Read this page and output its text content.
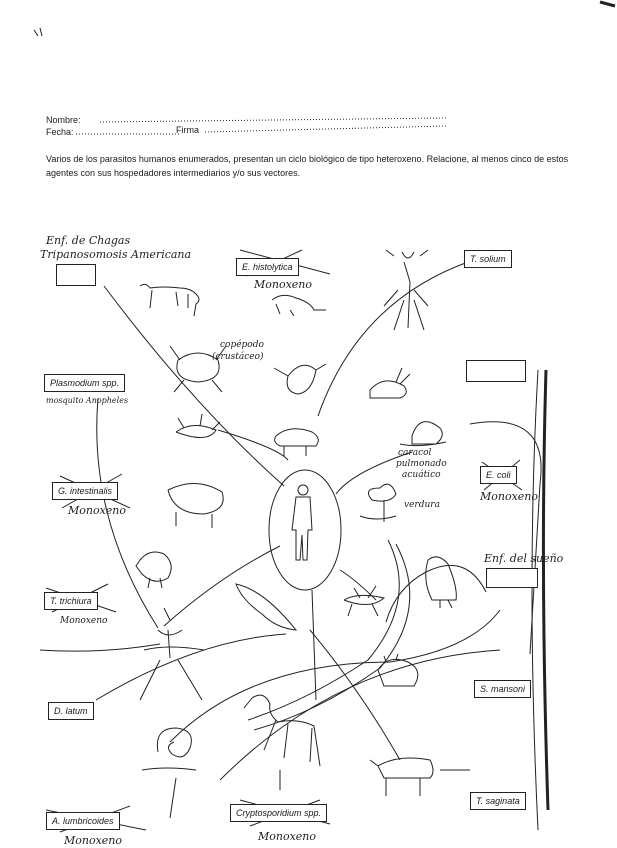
Nombre:
Fecha:	Firma
Varios de los parasitos humanos enumerados, presentan un ciclo biológico de tipo heteroxeno. Relacione, al menos cinco de estos agentes con sus hospedadores intermediarios y/o sus vectores.
Enf. de Chagas
Tripanosomosis Americana
E. histolytica
Monoxeno
T. solium
copépodo
(crustáceo)
Plasmodium spp.
mosquito Anopheles
caracol
pulmonado
acuático	E. coli
Monoxeno
G. intestinalis
Monoxeno	verdura
Enf. del sueño
T. trichiura
Monoxeno
S. mansoni
D. latum
T. saginata
Cryptosporidium spp.
Monoxeno
A. lumbricoides
Monoxeno
